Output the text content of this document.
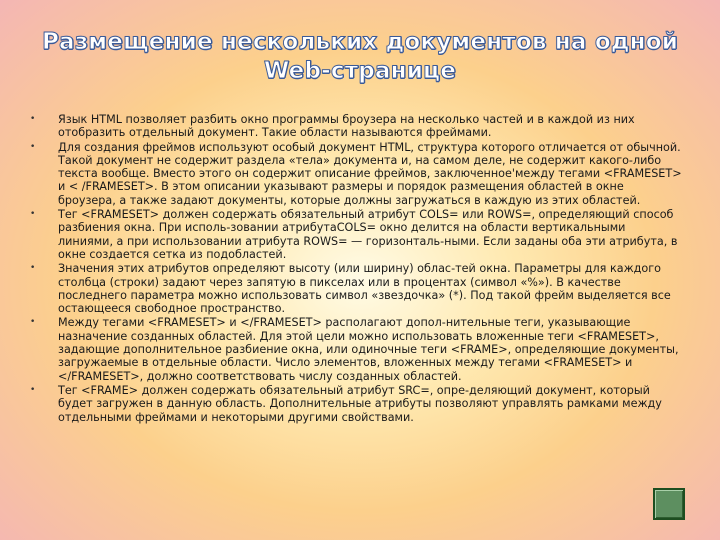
Размещение нескольких документов на одной Web-странице
• Язык HTML позволяет разбить окно программы броузера на несколько частей и в каждой из них отобразить отдельный документ. Такие области называются фреймами.
• Для создания фреймов используют особый документ HTML, структура которого отличается от обычной. Такой документ не содержит раздела «тела» документа и, на самом деле, не содержит какого-либо текста вообще. Вместо этого он содержит описание фреймов, заключенное'между тегами <FRAMESET> и < /FRAMESET>. В этом описании указывают размеры и порядок размещения областей в окне броузера, а также задают документы, которые должны загружаться в каждую из этих областей.
• Тег <FRAMESET> должен содержать обязательный атрибут COLS= или ROWS=, определяющий способ разбиения окна. При исполь-зовании атрибутаCOLS= окно делится на области вертикальными линиями, а при использовании атрибута ROWS= — горизонталь-ными. Если заданы оба эти атрибута, в окне создается сетка из подобластей.
• Значения этих атрибутов определяют высоту (или ширину) облас-тей окна. Параметры для каждого столбца (строки) задают через запятую в пикселах или в процентах (символ «%»). В качестве последнего параметра можно использовать символ «звездочка» (*). Под такой фрейм выделяется все остающееся свободное пространство.
• Между тегами <FRAMESET> и </FRAMESET> располагают допол-нительные теги, указывающие назначение созданных областей. Для этой цели можно использовать вложенные теги <FRAMESET>, задающие дополнительное разбиение окна, или одиночные теги <FRAME>, определяющие документы, загружаемые в отдельные области. Число элементов, вложенных между тегами <FRAMESET> и </FRAMESET>, должно соответствовать числу созданных областей.
• Тег <FRAME> должен содержать обязательный атрибут SRC=, опре-деляющий документ, который будет загружен в данную область. Дополнительные атрибуты позволяют управлять рамками между отдельными фреймами и некоторыми другими свойствами.
